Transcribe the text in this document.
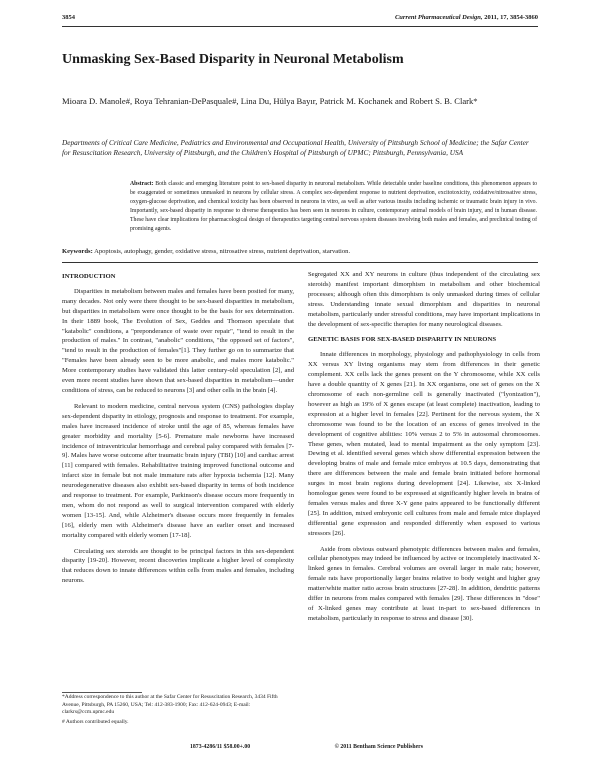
3854	Current Pharmaceutical Design, 2011, 17, 3854-3860
Unmasking Sex-Based Disparity in Neuronal Metabolism
Mioara D. Manole#, Roya Tehranian-DePasquale#, Lina Du, Hülya Bayır, Patrick M. Kochanek and Robert S. B. Clark*
Departments of Critical Care Medicine, Pediatrics and Environmental and Occupational Health, University of Pittsburgh School of Medicine; the Safar Center for Resuscitation Research, University of Pittsburgh, and the Children's Hospital of Pittsburgh of UPMC; Pittsburgh, Pennsylvania, USA
Abstract: Both classic and emerging literature point to sex-based disparity in neuronal metabolism. While detectable under baseline conditions, this phenomenon appears to be exaggerated or sometimes unmasked in neurons by cellular stress. A complex sex-dependent response to nutrient deprivation, excitotoxicity, oxidative/nitrosative stress, oxygen-glucose deprivation, and chemical toxicity has been observed in neurons in vitro, as well as after various insults including ischemic or traumatic brain injury in vivo. Importantly, sex-based disparity in response to diverse therapeutics has been seen in neurons in culture, contemporary animal models of brain injury, and in human disease. These have clear implications for pharmacological design of therapeutics targeting central nervous system diseases involving both males and females, and preclinical testing of promising agents.
Keywords: Apoptosis, autophagy, gender, oxidative stress, nitrosative stress, nutrient deprivation, starvation.
INTRODUCTION

Disparities in metabolism between males and females have been posited for many, many decades. Not only were there thought to be sex-based disparities in metabolism, but disparities in metabolism were once thought to be the basis for sex determination. In their 1889 book, The Evolution of Sex, Geddes and Thomson speculate that "katabolic" conditions, a "preponderance of waste over repair", "tend to result in the production of males." In contrast, "anabolic" conditions, "the opposed set of factors", "tend to result in the production of females"[1]. They further go on to summarize that "Females have been already seen to be more anabolic, and males more katabolic." More contemporary studies have validated this latter century-old speculation [2], and even more recent studies have shown that sex-based disparities in metabolism—under conditions of stress, can be reduced to neurons [3] and other cells in the brain [4].

Relevant to modern medicine, central nervous system (CNS) pathologies display sex-dependent disparity in etiology, prognosis and response to treatment. For example, males have increased incidence of stroke until the age of 85, whereas females have greater morbidity and mortality [5-6]. Premature male newborns have increased incidence of intraventricular hemorrhage and cerebral palsy compared with females [7-9]. Males have worse outcome after traumatic brain injury (TBI) [10] and cardiac arrest [11] compared with females. Rehabilitative training improved functional outcome and infarct size in female but not male immature rats after hypoxia ischemia [12]. Many neurodegenerative diseases also exhibit sex-based disparity in terms of both incidence and response to treatment. For example, Parkinson's disease occurs more frequently in men, whom do not respond as well to surgical intervention compared with elderly women [13-15]. And, while Alzheimer's disease occurs more frequently in females [16], elderly men with Alzheimer's disease have an earlier onset and increased mortality compared with elderly women [17-18].

Circulating sex steroids are thought to be principal factors in this sex-dependent disparity [19-20]. However, recent discoveries implicate a higher level of complexity that reduces down to innate differences within cells from males and females, including neurons.

Segregated XX and XY neurons in culture (thus independent of the circulating sex steroids) manifest important dimorphism in metabolism and other biochemical processes; although often this dimorphism is only unmasked during times of cellular stress. Understanding innate sexual dimorphism and disparities in neuronal metabolism, particularly under stressful conditions, may have important implications in the development of sex-specific therapies for many neurological diseases.

GENETIC BASIS FOR SEX-BASED DISPARITY IN NEURONS

Innate differences in morphology, physiology and pathophysiology in cells from XX versus XY living organisms may stem from differences in their genetic complement. XX cells lack the genes present on the Y chromosome, while XX cells have a double quantity of X genes [21]. In XX organisms, one set of genes on the X chromosome of each non-germline cell is generally inactivated ("lyonization"), however as high as 19% of X genes escape (at least complete) inactivation, leading to expression at a higher level in females [22]. Pertinent for the nervous system, the X chromosome was found to be the location of an excess of genes involved in the development of cognitive abilities: 10% versus 2 to 5% in autosomal chromosomes. These genes, when mutated, lead to mental impairment as the only symptom [23]. Dewing et al. identified several genes which show differential expression between the developing brains of male and female mice embryos at 10.5 days, demonstrating that there are differences between the male and female brain initiated before hormonal surges in most brain regions during development [24]. Likewise, six X-linked homologue genes were found to be expressed at significantly higher levels in brains of females versus males and three X-Y gene pairs appeared to be functionally different [25]. In addition, mixed embryonic cell cultures from male and female mice displayed differential gene expression and responded differently when exposed to various stressors [26].

Aside from obvious outward phenotypic differences between males and females, cellular phenotypes may indeed be influenced by active or incompletely inactivated X-linked genes in females. Cerebral volumes are overall larger in male rats; however, female rats have proportionally larger brains relative to body weight and higher gray matter/white matter ratio across brain structures [27-28]. In addition, dendritic patterns differ in neurons from males compared with females [29]. These differences in "dose" of X-linked genes may contribute at least in-part to sex-based differences in metabolism, particularly in response to stress and disease [30].

*Address correspondence to this author at the Safar Center for Resuscitation Research, 3434 Fifth Avenue, Pittsburgh, PA 15260, USA; Tel: 412-383-1900; Fax: 412-624-0943; E-mail: clarkrs@ccm.upmc.edu
# Authors contributed equally.
1873-4286/11 $58.00+.00	© 2011 Bentham Science Publishers
